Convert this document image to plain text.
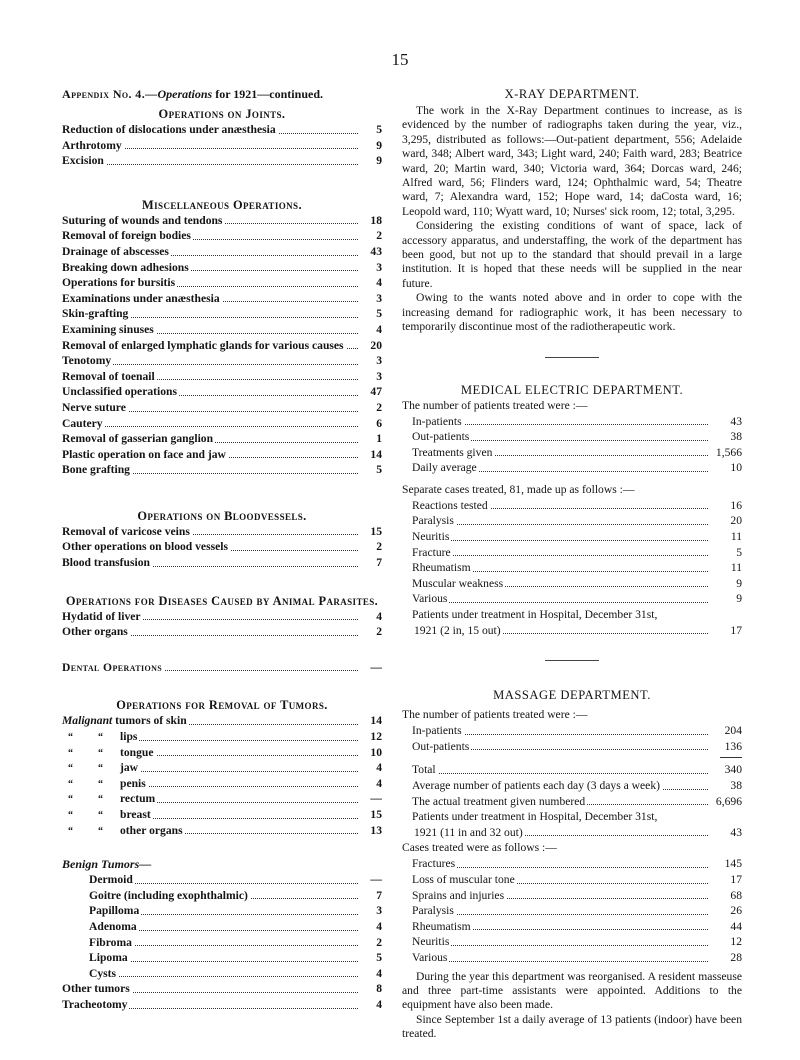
15
Appendix No. 4.—Operations for 1921—continued.
Operations on Joints.
Reduction of dislocations under anæsthesia	5
Arthrotomy	9
Excision	9
Miscellaneous Operations.
Suturing of wounds and tendons	18
Removal of foreign bodies	2
Drainage of abscesses	43
Breaking down adhesions	3
Operations for bursitis	4
Examinations under anæsthesia	3
Skin-grafting	5
Examining sinuses	4
Removal of enlarged lymphatic glands for various causes	20
Tenotomy	3
Removal of toenail	3
Unclassified operations	47
Nerve suture	2
Cautery	6
Removal of gasserian ganglion	1
Plastic operation on face and jaw	14
Bone grafting	5
Operations on Bloodvessels.
Removal of varicose veins	15
Other operations on blood vessels	2
Blood transfusion	7
Operations for Diseases Caused by Animal Parasites.
Hydatid of liver	4
Other organs	2
Dental Operations	—
Operations for Removal of Tumors.
Malignant tumors of skin	14
“	“ lips	12
“	“ tongue	10
“	“ jaw	4
“	“ penis	4
“	“ rectum	—
“	“ breast	15
“	“ other organs	13
Benign Tumors—
Dermoid	—
Goitre (including exophthalmic)	7
Papilloma	3
Adenoma	4
Fibroma	2
Lipoma	5
Cysts	4
Other tumors	8
Tracheotomy	4
X-RAY DEPARTMENT.

The work in the X-Ray Department continues to increase, as is evidenced by the number of radiographs taken during the year, viz., 3,295, distributed as follows:—Out-patient department, 556; Adelaide ward, 348; Albert ward, 343; Light ward, 240; Faith ward, 283; Beatrice ward, 20; Martin ward, 340; Victoria ward, 364; Dorcas ward, 246; Alfred ward, 56; Flinders ward, 124; Ophthalmic ward, 54; Theatre ward, 7; Alexandra ward, 152; Hope ward, 14; daCosta ward, 16; Leopold ward, 110; Wyatt ward, 10; Nurses' sick room, 12; total, 3,295.

Considering the existing conditions of want of space, lack of accessory apparatus, and understaffing, the work of the department has been good, but not up to the standard that should prevail in a large institution. It is hoped that these needs will be supplied in the near future.

Owing to the wants noted above and in order to cope with the increasing demand for radiographic work, it has been necessary to temporarily discontinue most of the radiotherapeutic work.

MEDICAL ELECTRIC DEPARTMENT.
The number of patients treated were :—
In-patients	43
Out-patients	38
Treatments given	1,566
Daily average	10
Separate cases treated, 81, made up as follows :—
Reactions tested	16
Paralysis	20
Neuritis	11
Fracture	5
Rheumatism	11
Muscular weakness	9
Various	9
Patients under treatment in Hospital, December 31st,
1921 (2 in, 15 out)	17
MASSAGE DEPARTMENT.
The number of patients treated were :—
In-patients	204
Out-patients	136
Total	340
Average number of patients each day (3 days a week)	38
The actual treatment given numbered	6,696
Patients under treatment in Hospital, December 31st,
1921 (11 in and 32 out)	43
Cases treated were as follows :—
Fractures	145
Loss of muscular tone	17
Sprains and injuries	68
Paralysis	26
Rheumatism	44
Neuritis	12
Various	28

During the year this department was reorganised. A resident masseuse and three part-time assistants were appointed. Additions to the equipment have also been made.

Since September 1st a daily average of 13 patients (indoor) have been treated.
